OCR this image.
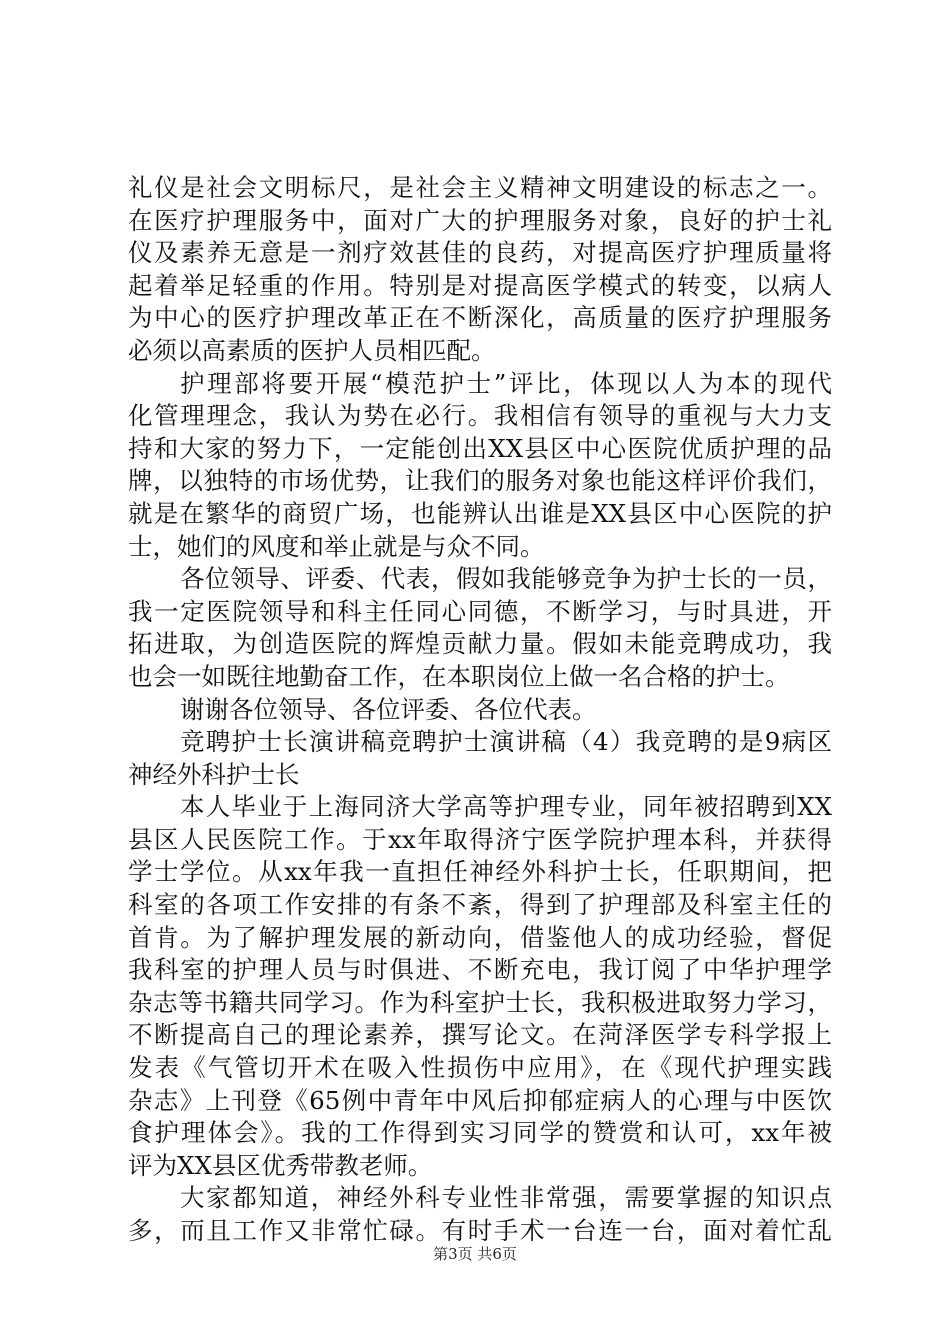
礼仪是社会文明标尺，是社会主义精神文明建设的标志之一。
在医疗护理服务中，面对广大的护理服务对象，良好的护士礼
仪及素养无意是一剂疗效甚佳的良药，对提高医疗护理质量将
起着举足轻重的作用。特别是对提高医学模式的转变，以病人
为中心的医疗护理改革正在不断深化，高质量的医疗护理服务
必须以高素质的医护人员相匹配。
护理部将要开展“模范护士”评比，体现以人为本的现代
化管理理念，我认为势在必行。我相信有领导的重视与大力支
持和大家的努力下，一定能创出XX县区中心医院优质护理的品
牌，以独特的市场优势，让我们的服务对象也能这样评价我们，
就是在繁华的商贸广场，也能辨认出谁是XX县区中心医院的护
士，她们的风度和举止就是与众不同。
各位领导、评委、代表，假如我能够竞争为护士长的一员，
我一定医院领导和科主任同心同德，不断学习，与时具进，开
拓进取，为创造医院的辉煌贡献力量。假如未能竞聘成功，我
也会一如既往地勤奋工作，在本职岗位上做一名合格的护士。
谢谢各位领导、各位评委、各位代表。
竞聘护士长演讲稿竞聘护士演讲稿（4）我竞聘的是9病区
神经外科护士长
本人毕业于上海同济大学高等护理专业，同年被招聘到XX
县区人民医院工作。于xx年取得济宁医学院护理本科，并获得
学士学位。从xx年我一直担任神经外科护士长，任职期间，把
科室的各项工作安排的有条不紊，得到了护理部及科室主任的
首肯。为了解护理发展的新动向，借鉴他人的成功经验，督促
我科室的护理人员与时俱进、不断充电，我订阅了中华护理学
杂志等书籍共同学习。作为科室护士长，我积极进取努力学习，
不断提高自己的理论素养，撰写论文。在菏泽医学专科学报上
发表《气管切开术在吸入性损伤中应用》，在《现代护理实践
杂志》上刊登《65例中青年中风后抑郁症病人的心理与中医饮
食护理体会》。我的工作得到实习同学的赞赏和认可，xx年被
评为XX县区优秀带教老师。
大家都知道，神经外科专业性非常强，需要掌握的知识点
多，而且工作又非常忙碌。有时手术一台连一台，面对着忙乱
第3页 共6页
